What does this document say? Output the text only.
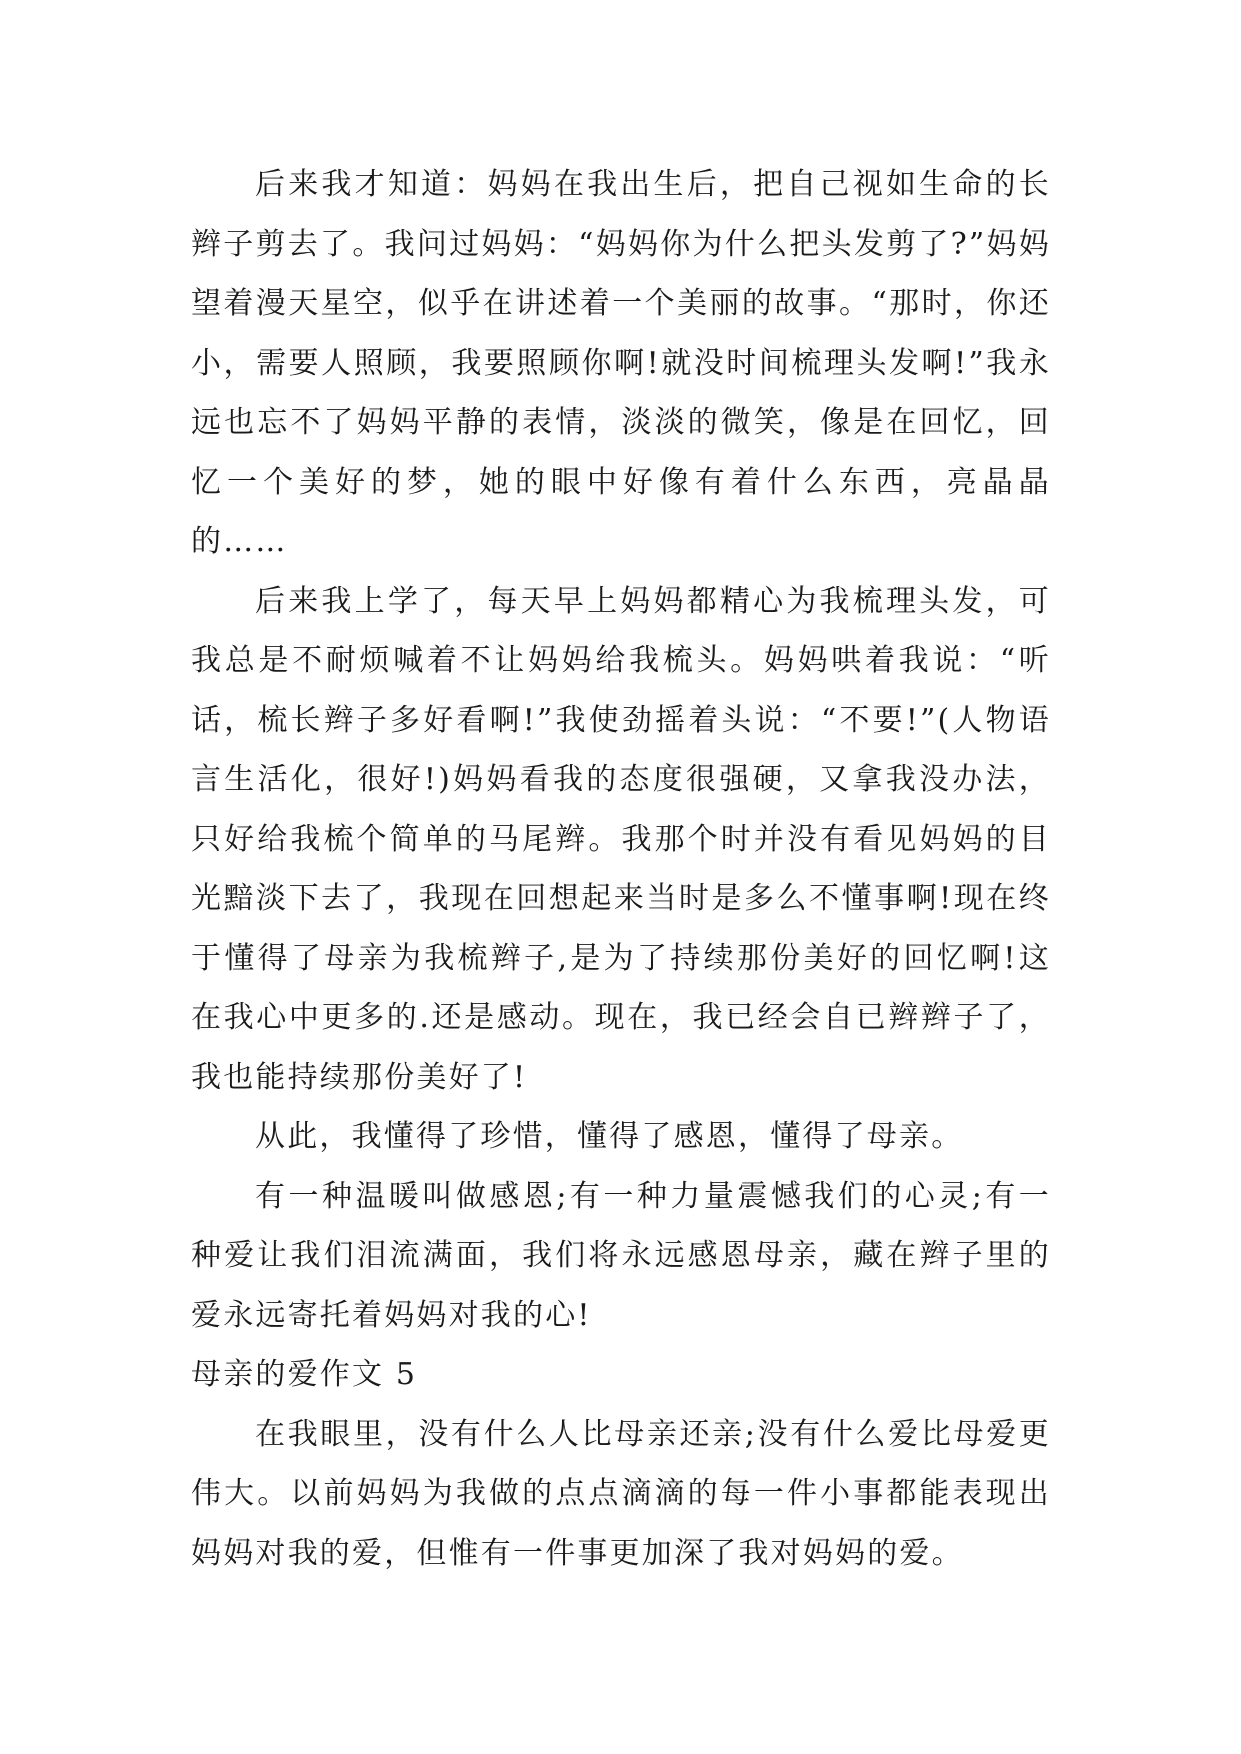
后来我才知道：妈妈在我出生后，把自己视如生命的长辫子剪去了。我问过妈妈：“妈妈你为什么把头发剪了?”妈妈望着漫天星空，似乎在讲述着一个美丽的故事。“那时，你还小，需要人照顾，我要照顾你啊!就没时间梳理头发啊!”我永远也忘不了妈妈平静的表情，淡淡的微笑，像是在回忆，回忆一个美好的梦，她的眼中好像有着什么东西，亮晶晶的……

后来我上学了，每天早上妈妈都精心为我梳理头发，可我总是不耐烦喊着不让妈妈给我梳头。妈妈哄着我说：“听话，梳长辫子多好看啊!”我使劲摇着头说：“不要!”(人物语言生活化，很好!)妈妈看我的态度很强硬，又拿我没办法，只好给我梳个简单的马尾辫。我那个时并没有看见妈妈的目光黯淡下去了，我现在回想起来当时是多么不懂事啊!现在终于懂得了母亲为我梳辫子,是为了持续那份美好的回忆啊!这在我心中更多的.还是感动。现在，我已经会自已辫辫子了，我也能持续那份美好了!

从此，我懂得了珍惜，懂得了感恩，懂得了母亲。

有一种温暖叫做感恩;有一种力量震憾我们的心灵;有一种爱让我们泪流满面，我们将永远感恩母亲，藏在辫子里的爱永远寄托着妈妈对我的心!

母亲的爱作文 5

在我眼里，没有什么人比母亲还亲;没有什么爱比母爱更伟大。以前妈妈为我做的点点滴滴的每一件小事都能表现出妈妈对我的爱，但惟有一件事更加深了我对妈妈的爱。
